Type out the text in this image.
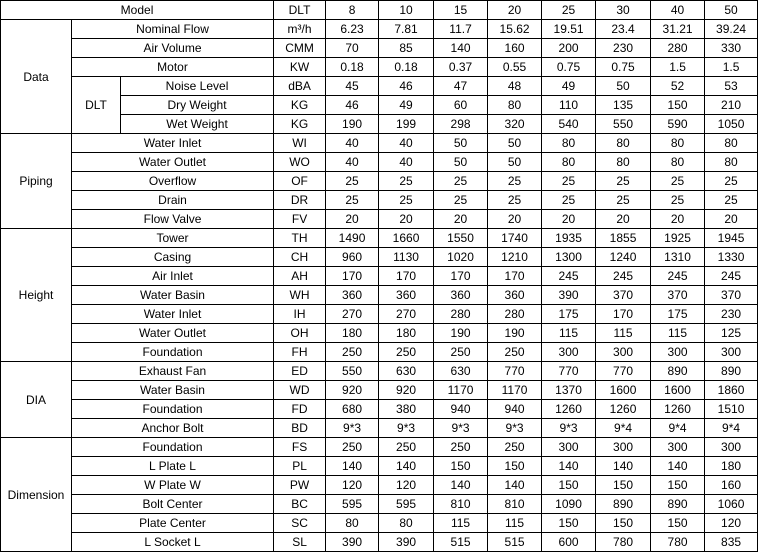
Model			DLT	8	10	15	20	25	30	40	50
Data	Nominal Flow		m³/h	6.23	7.81	11.7	15.62	19.51	23.4	31.21	39.24
	Air Volume		CMM	70	85	140	160	200	230	280	330
	Motor		KW	0.18	0.18	0.37	0.55	0.75	0.75	1.5	1.5
	DLT	Noise Level	dBA	45	46	47	48	49	50	52	53
		Dry Weight	KG	46	49	60	80	110	135	150	210
		Wet Weight	KG	190	199	298	320	540	550	590	1050
Piping	Water Inlet		WI	40	40	50	50	80	80	80	80
	Water Outlet		WO	40	40	50	50	80	80	80	80
	Overflow		OF	25	25	25	25	25	25	25	25
	Drain		DR	25	25	25	25	25	25	25	25
	Flow Valve		FV	20	20	20	20	20	20	20	20
Height	Tower		TH	1490	1660	1550	1740	1935	1855	1925	1945
	Casing		CH	960	1130	1020	1210	1300	1240	1310	1330
	Air Inlet		AH	170	170	170	170	245	245	245	245
	Water Basin		WH	360	360	360	360	390	370	370	370
	Water Inlet		IH	270	270	280	280	175	170	175	230
	Water Outlet		OH	180	180	190	190	115	115	115	125
	Foundation		FH	250	250	250	250	300	300	300	300
DIA	Exhaust Fan		ED	550	630	630	770	770	770	890	890
	Water Basin		WD	920	920	1170	1170	1370	1600	1600	1860
	Foundation		FD	680	380	940	940	1260	1260	1260	1510
	Anchor Bolt		BD	9*3	9*3	9*3	9*3	9*3	9*4	9*4	9*4
Dimension	Foundation		FS	250	250	250	250	300	300	300	300
	L Plate L		PL	140	140	150	150	140	140	140	180
	W Plate W		PW	120	120	140	140	150	150	150	160
	Bolt Center		BC	595	595	810	810	1090	890	890	1060
	Plate Center		SC	80	80	115	115	150	150	150	120
	L Socket L		SL	390	390	515	515	600	780	780	835
